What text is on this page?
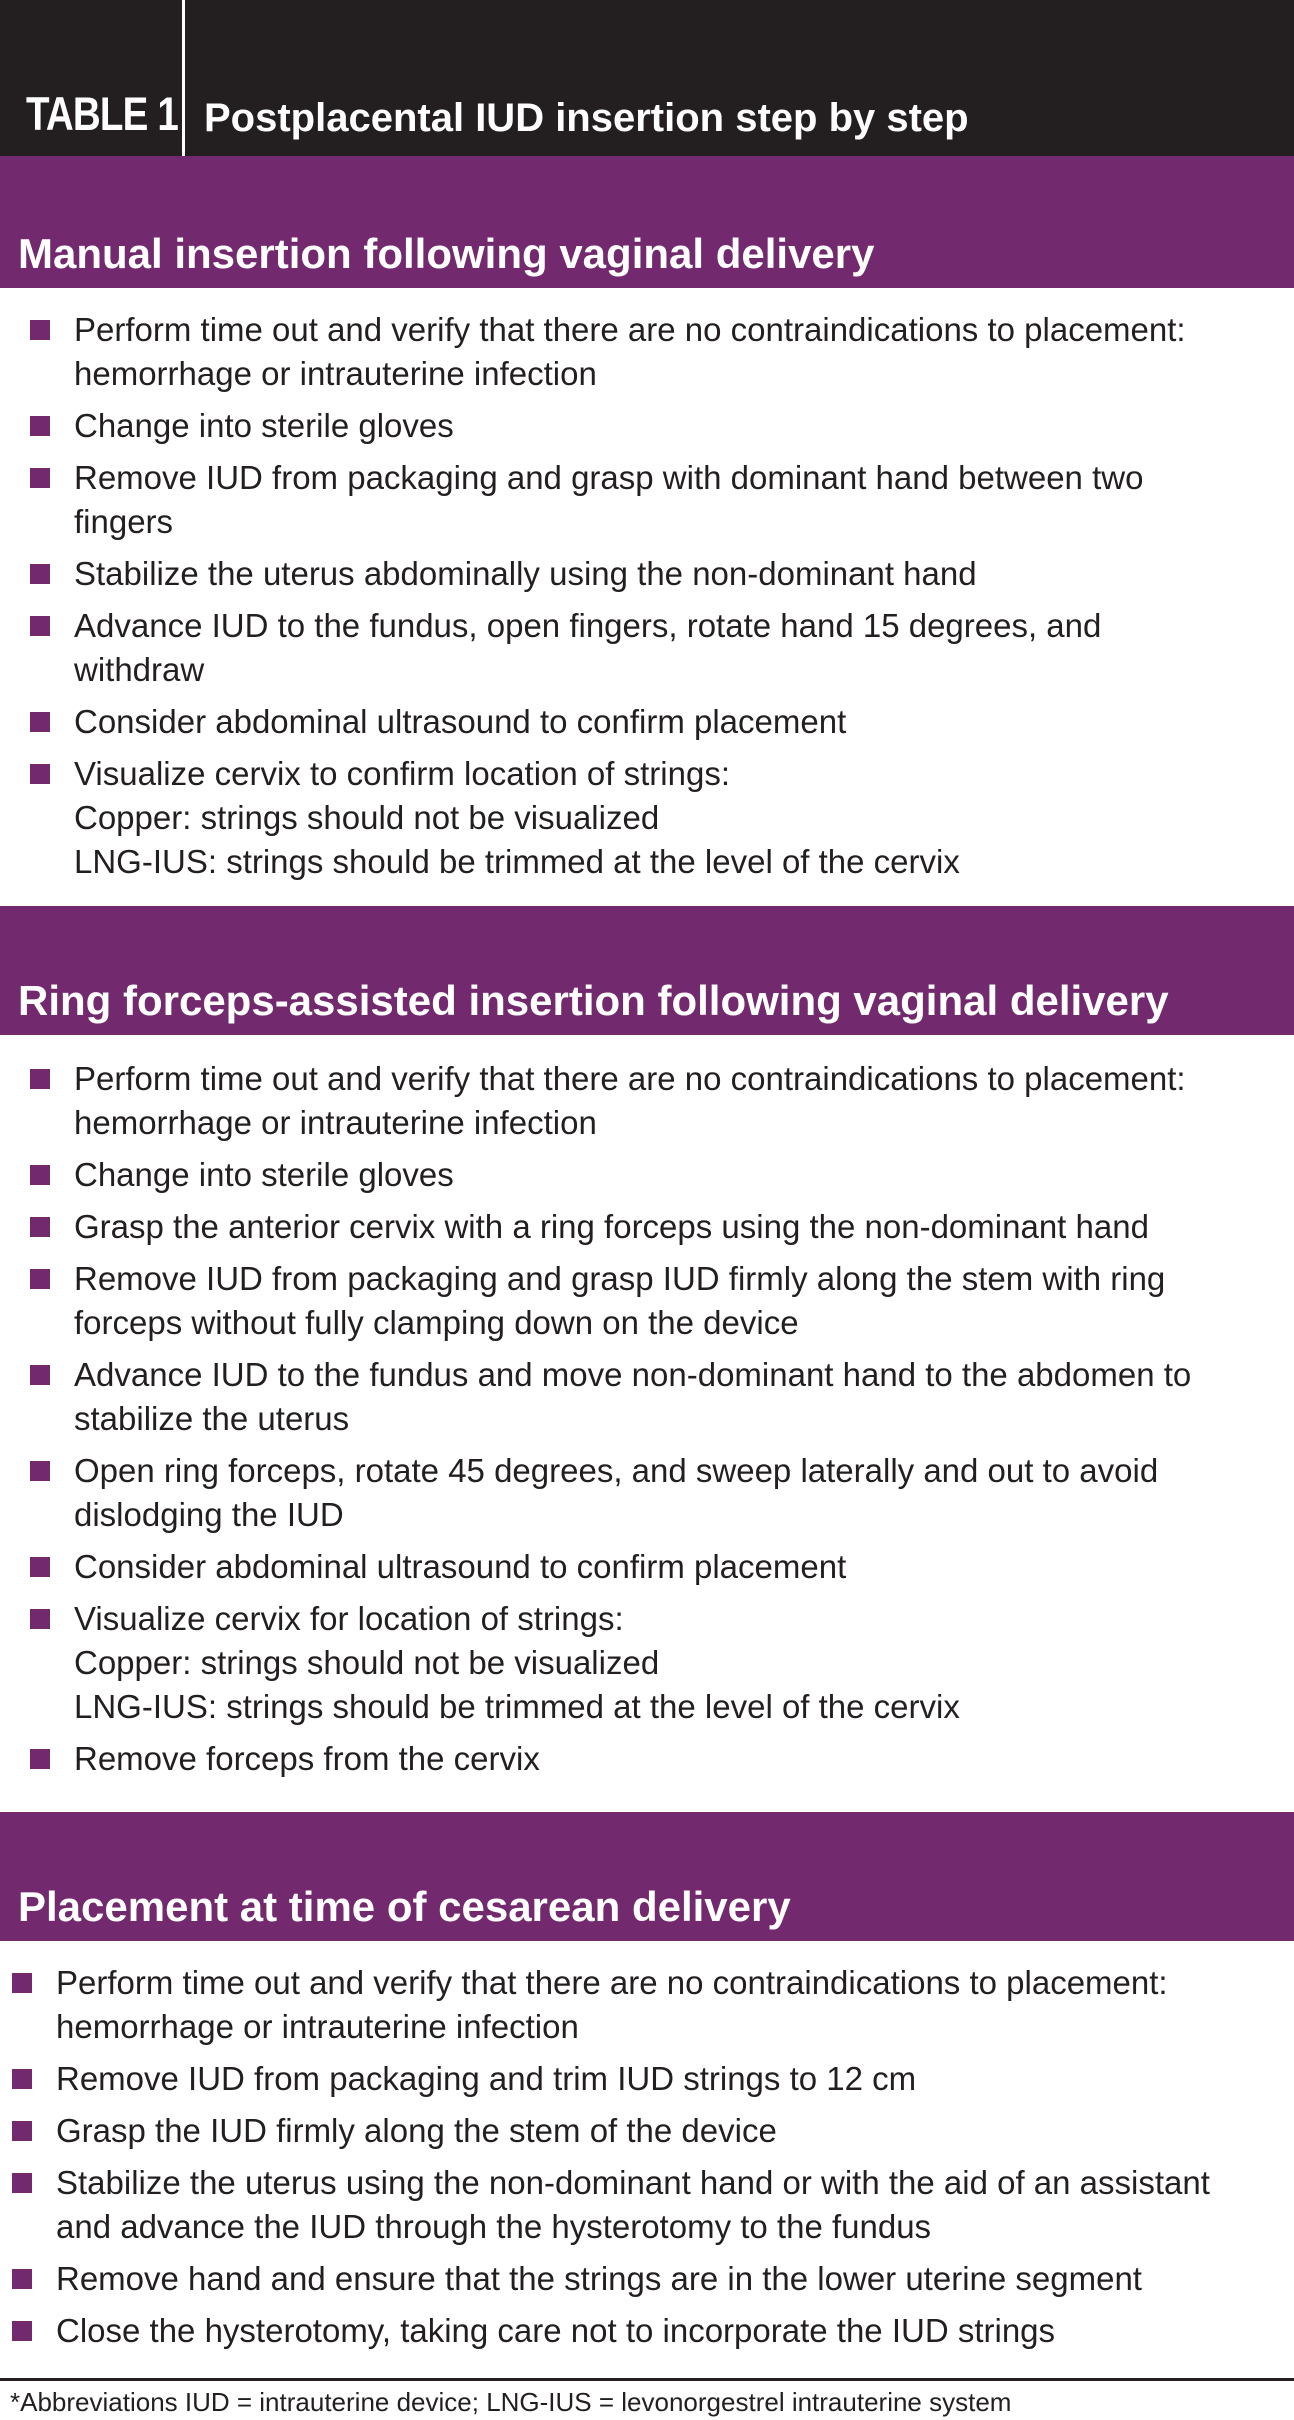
TABLE 1 Postplacental IUD insertion step by step
Manual insertion following vaginal delivery
Perform time out and verify that there are no contraindications to placement:
hemorrhage or intrauterine infection
Change into sterile gloves
Remove IUD from packaging and grasp with dominant hand between two
fingers
Stabilize the uterus abdominally using the non-dominant hand
Advance IUD to the fundus, open fingers, rotate hand 15 degrees, and
withdraw
Consider abdominal ultrasound to confirm placement
Visualize cervix to confirm location of strings:
Copper: strings should not be visualized
LNG-IUS: strings should be trimmed at the level of the cervix
Ring forceps-assisted insertion following vaginal delivery
Perform time out and verify that there are no contraindications to placement:
hemorrhage or intrauterine infection
Change into sterile gloves
Grasp the anterior cervix with a ring forceps using the non-dominant hand
Remove IUD from packaging and grasp IUD firmly along the stem with ring
forceps without fully clamping down on the device
Advance IUD to the fundus and move non-dominant hand to the abdomen to
stabilize the uterus
Open ring forceps, rotate 45 degrees, and sweep laterally and out to avoid
dislodging the IUD
Consider abdominal ultrasound to confirm placement
Visualize cervix for location of strings:
Copper: strings should not be visualized
LNG-IUS: strings should be trimmed at the level of the cervix
Remove forceps from the cervix
Placement at time of cesarean delivery
Perform time out and verify that there are no contraindications to placement:
hemorrhage or intrauterine infection
Remove IUD from packaging and trim IUD strings to 12 cm
Grasp the IUD firmly along the stem of the device
Stabilize the uterus using the non-dominant hand or with the aid of an assistant
and advance the IUD through the hysterotomy to the fundus
Remove hand and ensure that the strings are in the lower uterine segment
Close the hysterotomy, taking care not to incorporate the IUD strings
*Abbreviations IUD = intrauterine device; LNG-IUS = levonorgestrel intrauterine system
